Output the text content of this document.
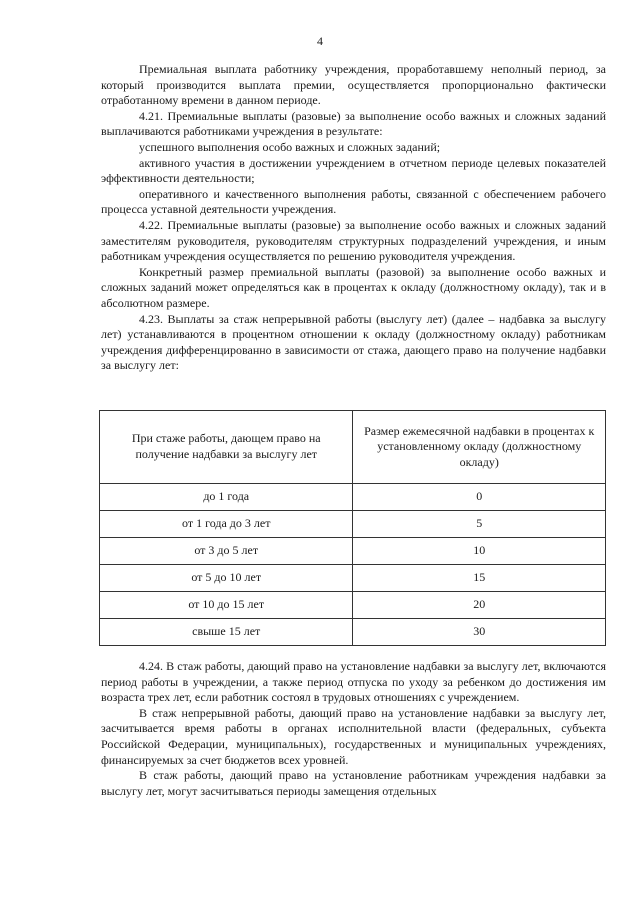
4

Премиальная выплата работнику учреждения, проработавшему неполный период, за который производится выплата премии, осуществляется пропорционально фактически отработанному времени в данном периоде.

4.21. Премиальные выплаты (разовые) за выполнение особо важных и сложных заданий выплачиваются работниками учреждения в результате:

успешного выполнения особо важных и сложных заданий;

активного участия в достижении учреждением в отчетном периоде целевых показателей эффективности деятельности;

оперативного и качественного выполнения работы, связанной с обеспечением рабочего процесса уставной деятельности учреждения.

4.22. Премиальные выплаты (разовые) за выполнение особо важных и сложных заданий заместителям руководителя, руководителям структурных подразделений учреждения, и иным работникам учреждения осуществляется по решению руководителя учреждения.

Конкретный размер премиальной выплаты (разовой) за выполнение особо важных и сложных заданий может определяться как в процентах к окладу (должностному окладу), так и в абсолютном размере.

4.23. Выплаты за стаж непрерывной работы (выслугу лет) (далее – надбавка за выслугу лет) устанавливаются в процентном отношении к окладу (должностному окладу) работникам учреждения дифференцированно в зависимости от стажа, дающего право на получение надбавки за выслугу лет:

При стаже работы, дающем право на получение надбавки за выслугу лет	Размер ежемесячной надбавки в процентах к установленному окладу (должностному окладу)
до 1 года	0
от 1 года до 3 лет	5
от 3 до 5 лет	10
от 5 до 10 лет	15
от 10 до 15 лет	20
свыше 15 лет	30

4.24. В стаж работы, дающий право на установление надбавки за выслугу лет, включаются период работы в учреждении, а также период отпуска по уходу за ребенком до достижения им возраста трех лет, если работник состоял в трудовых отношениях с учреждением.

В стаж непрерывной работы, дающий право на установление надбавки за выслугу лет, засчитывается время работы в органах исполнительной власти (федеральных, субъекта Российской Федерации, муниципальных), государственных и муниципальных учреждениях, финансируемых за счет бюджетов всех уровней.

В стаж работы, дающий право на установление работникам учреждения надбавки за выслугу лет, могут засчитываться периоды замещения отдельных
